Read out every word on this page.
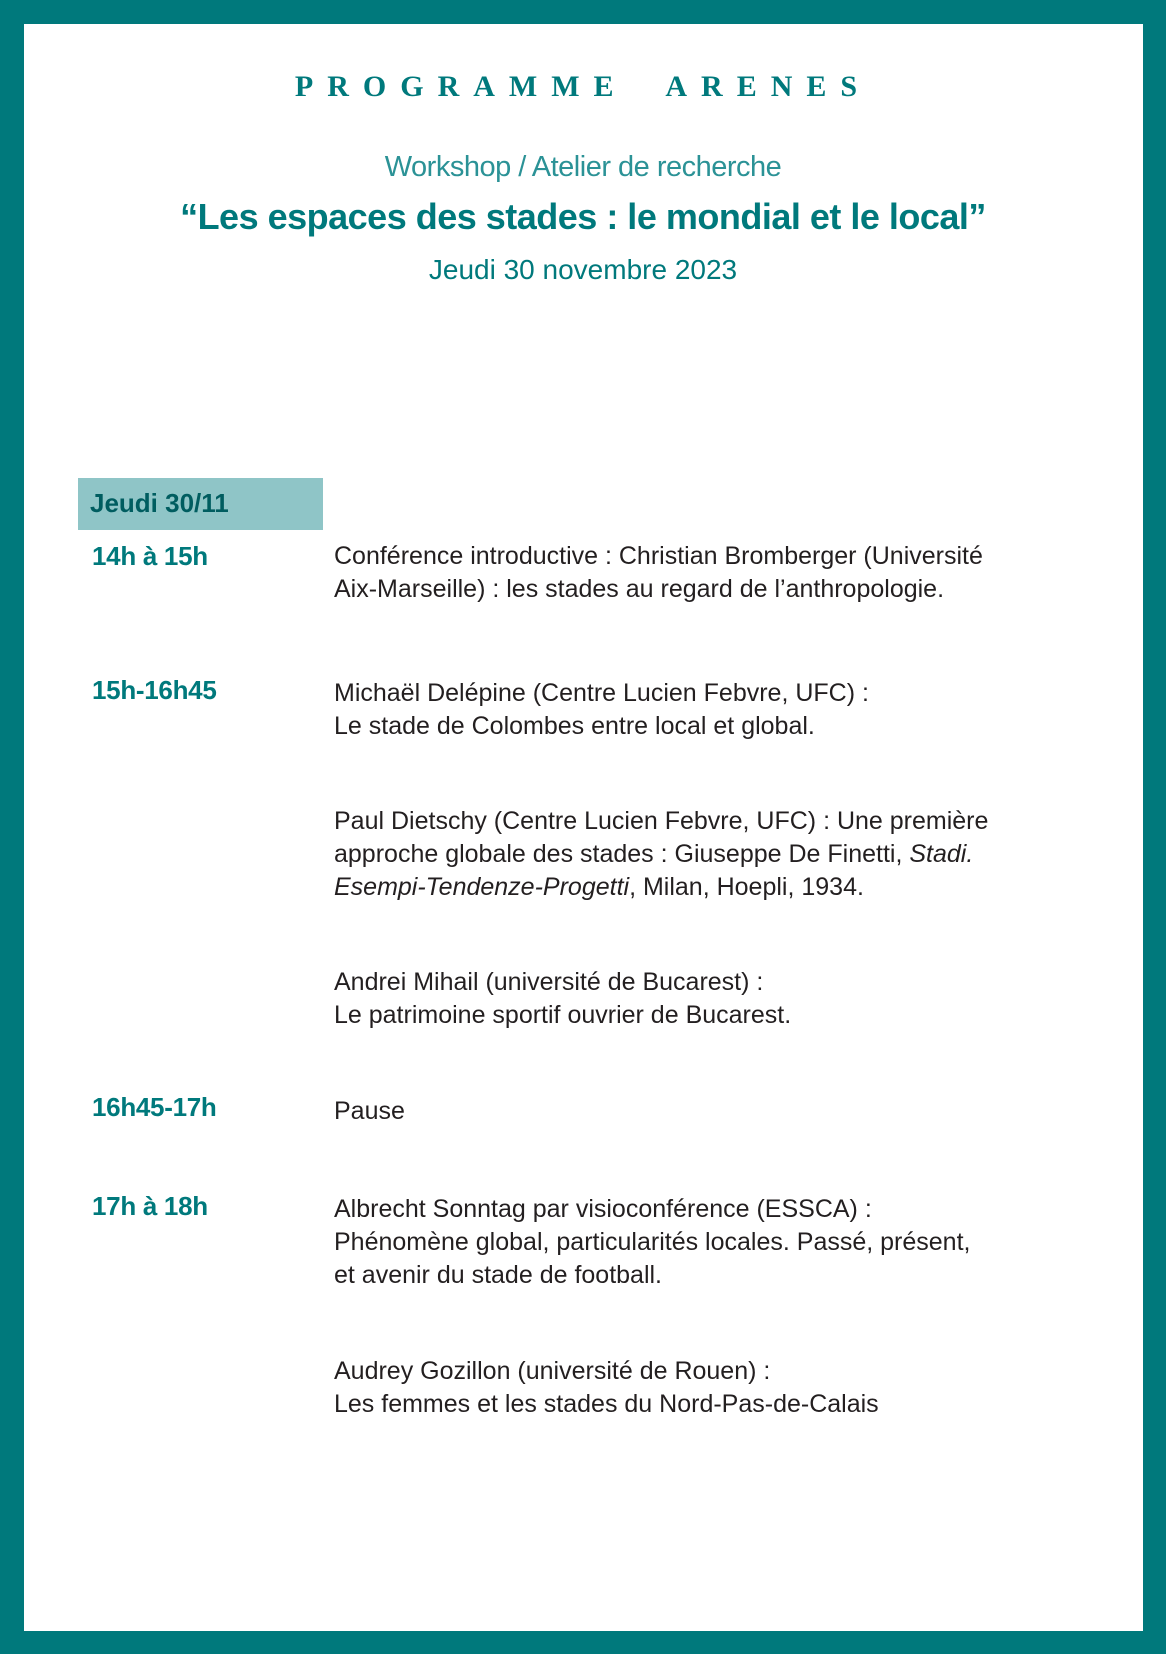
PROGRAMME ARENES
Workshop / Atelier de recherche
“Les espaces des stades : le mondial et le local”
Jeudi 30 novembre 2023
Jeudi 30/11
14h à 15h	Conférence introductive : Christian Bromberger (Université
Aix-Marseille) : les stades au regard de l’anthropologie.
15h-16h45	Michaël Delépine (Centre Lucien Febvre, UFC) :
Le stade de Colombes entre local et global.
Paul Dietschy (Centre Lucien Febvre, UFC) : Une première
approche globale des stades : Giuseppe De Finetti, Stadi.
Esempi-Tendenze-Progetti, Milan, Hoepli, 1934.
Andrei Mihail (université de Bucarest) :
Le patrimoine sportif ouvrier de Bucarest.
16h45-17h	Pause
17h à 18h	Albrecht Sonntag par visioconférence (ESSCA) :
Phénomène global, particularités locales. Passé, présent,
et avenir du stade de football.
Audrey Gozillon (université de Rouen) :
Les femmes et les stades du Nord-Pas-de-Calais
